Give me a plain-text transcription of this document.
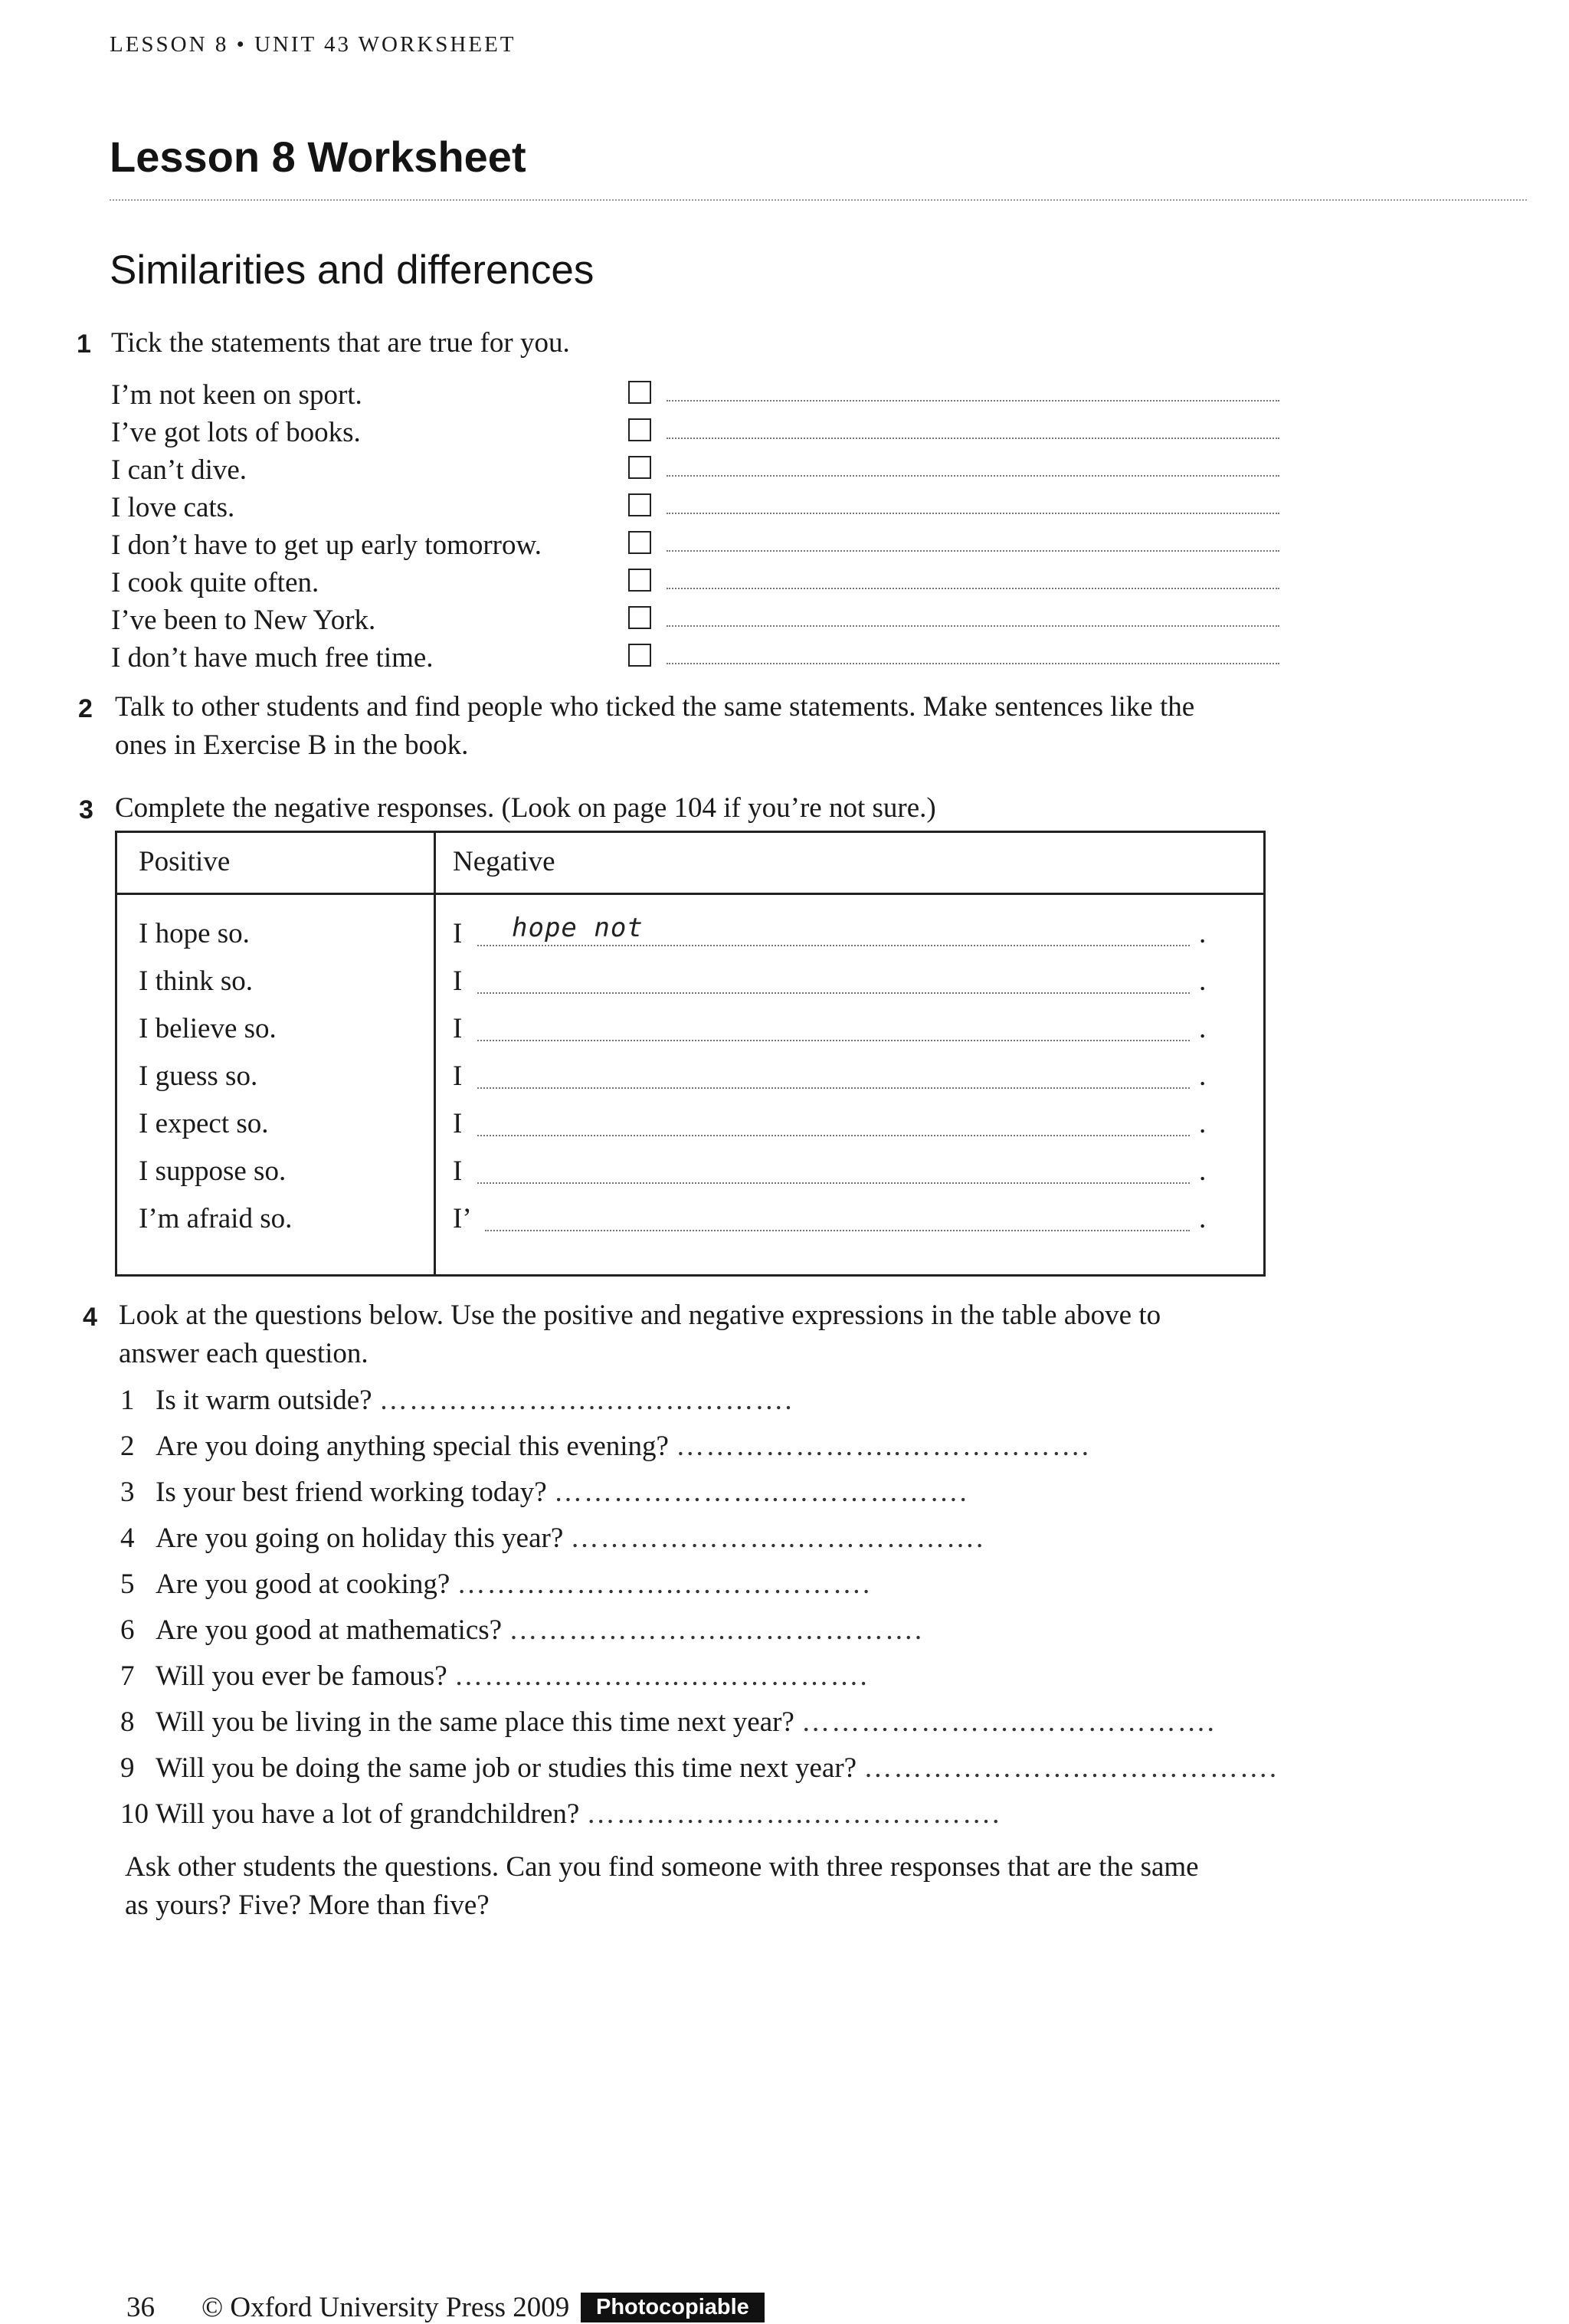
LESSON 8 • UNIT 43 WORKSHEET
Lesson 8 Worksheet
Similarities and differences
1 Tick the statements that are true for you.
I’m not keen on sport.
I’ve got lots of books.
I can’t dive.
I love cats.
I don’t have to get up early tomorrow.
I cook quite often.
I’ve been to New York.
I don’t have much free time.
2 Talk to other students and find people who ticked the same statements. Make sentences like the
ones in Exercise B in the book.
3 Complete the negative responses. (Look on page 104 if you’re not sure.)
Positive	Negative
I hope so.	I hope not	.
I think so.	I	.
I believe so.	I	.
I guess so.	I	.
I expect so.	I	.
I suppose so.	I	.
I’m afraid so.	I’	.
4 Look at the questions below. Use the positive and negative expressions in the table above to
answer each question.
1 Is it warm outside? …………………..……………….
2 Are you doing anything special this evening? …………………..……………….
3 Is your best friend working today? …………………..……………….
4 Are you going on holiday this year? …………………..……………….
5 Are you good at cooking? …………………..……………….
6 Are you good at mathematics? …………………..……………….
7 Will you ever be famous? …………………..……………….
8 Will you be living in the same place this time next year? …………………..……………….
9 Will you be doing the same job or studies this time next year? …………………..……………….
10 Will you have a lot of grandchildren? …………………..……………….
Ask other students the questions. Can you find someone with three responses that are the same
as yours? Five? More than five?
36 © Oxford University Press 2009	Photocopiable
